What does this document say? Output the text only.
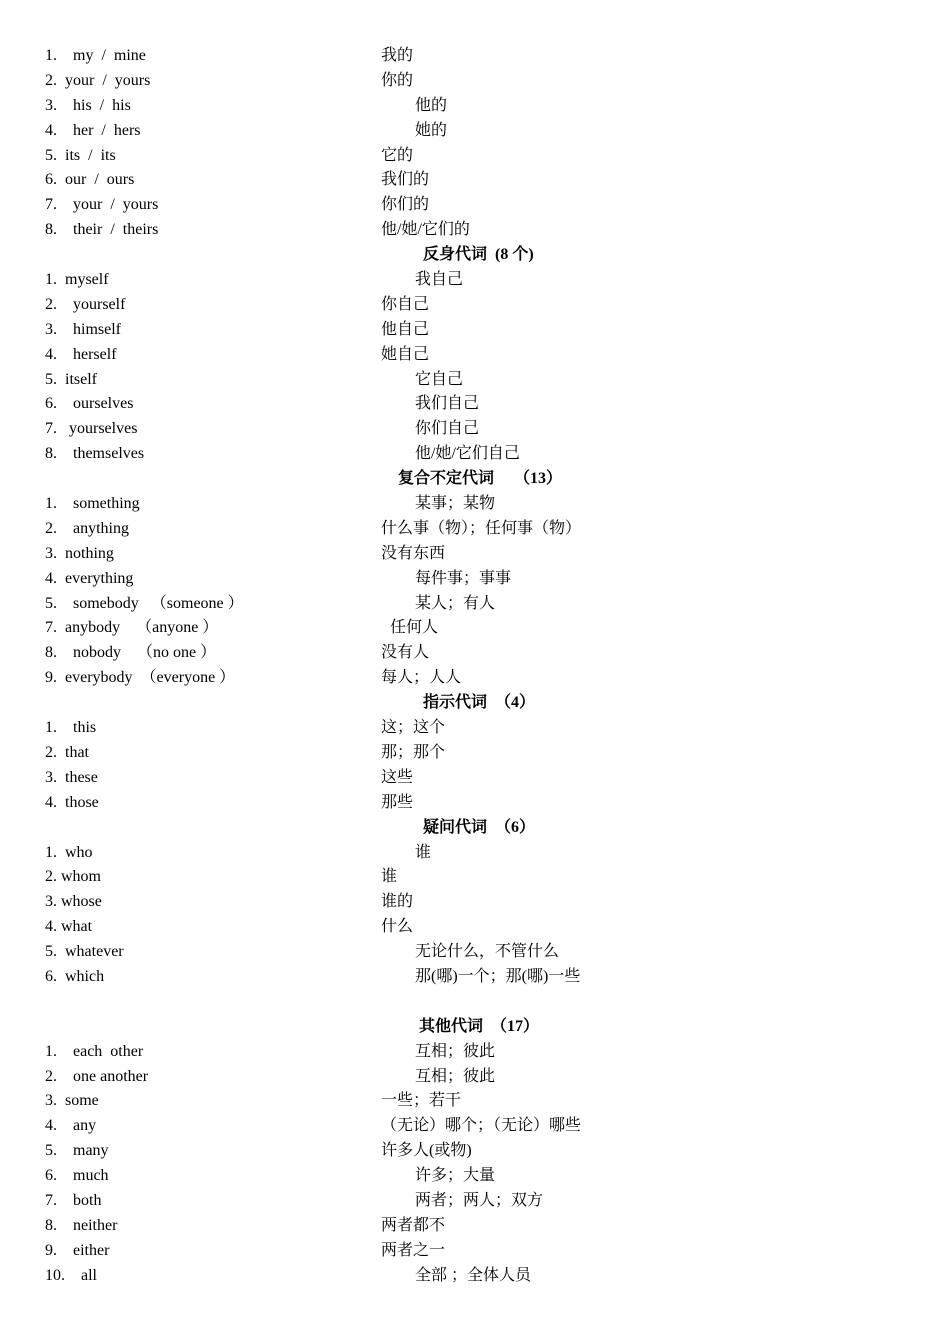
1.    my  /  mine	我的
2.  your  /  yours	你的
3.    his  /  his	他的
4.    her  /  hers	她的
5.  its  /  its	它的
6.  our  /  ours	我们的
7.    your  /  yours	你们的
8.    their  /  theirs	他/她/它们的
反身代词  (8 个)
1.  myself	我自己
2.    yourself	你自己
3.    himself	他自己
4.    herself	她自己
5.  itself	它自己
6.    ourselves	我们自己
7.   yourselves	你们自己
8.    themselves	他/她/它们自己
复合不定代词     （13）
1.    something	某事；某物
2.    anything	什么事（物）；任何事（物）
3.  nothing	没有东西
4.  everything	每件事；事事
5.    somebody   （someone ）	某人；有人
7.  anybody    （anyone ）	任何人
8.    nobody    （no one ）	没有人
9.  everybody  （everyone ）	每人；人人
指示代词  （4）
1.    this	这；这个
2.  that	那；那个
3.  these	这些
4.  those	那些
疑问代词  （6）
1.  who	谁
2. whom	谁
3. whose	谁的
4. what	什么
5.  whatever	无论什么，不管什么
6.  which	那(哪)一个；那(哪)一些
其他代词  （17）
1.    each  other	互相；彼此
2.    one another	互相；彼此
3.  some	一些；若干
4.    any	（无论）哪个；（无论）哪些
5.    many	许多人(或物)
6.    much	许多；大量
7.    both	两者；两人；双方
8.    neither	两者都不
9.    either	两者之一
10.    all	全部 ；全体人员
